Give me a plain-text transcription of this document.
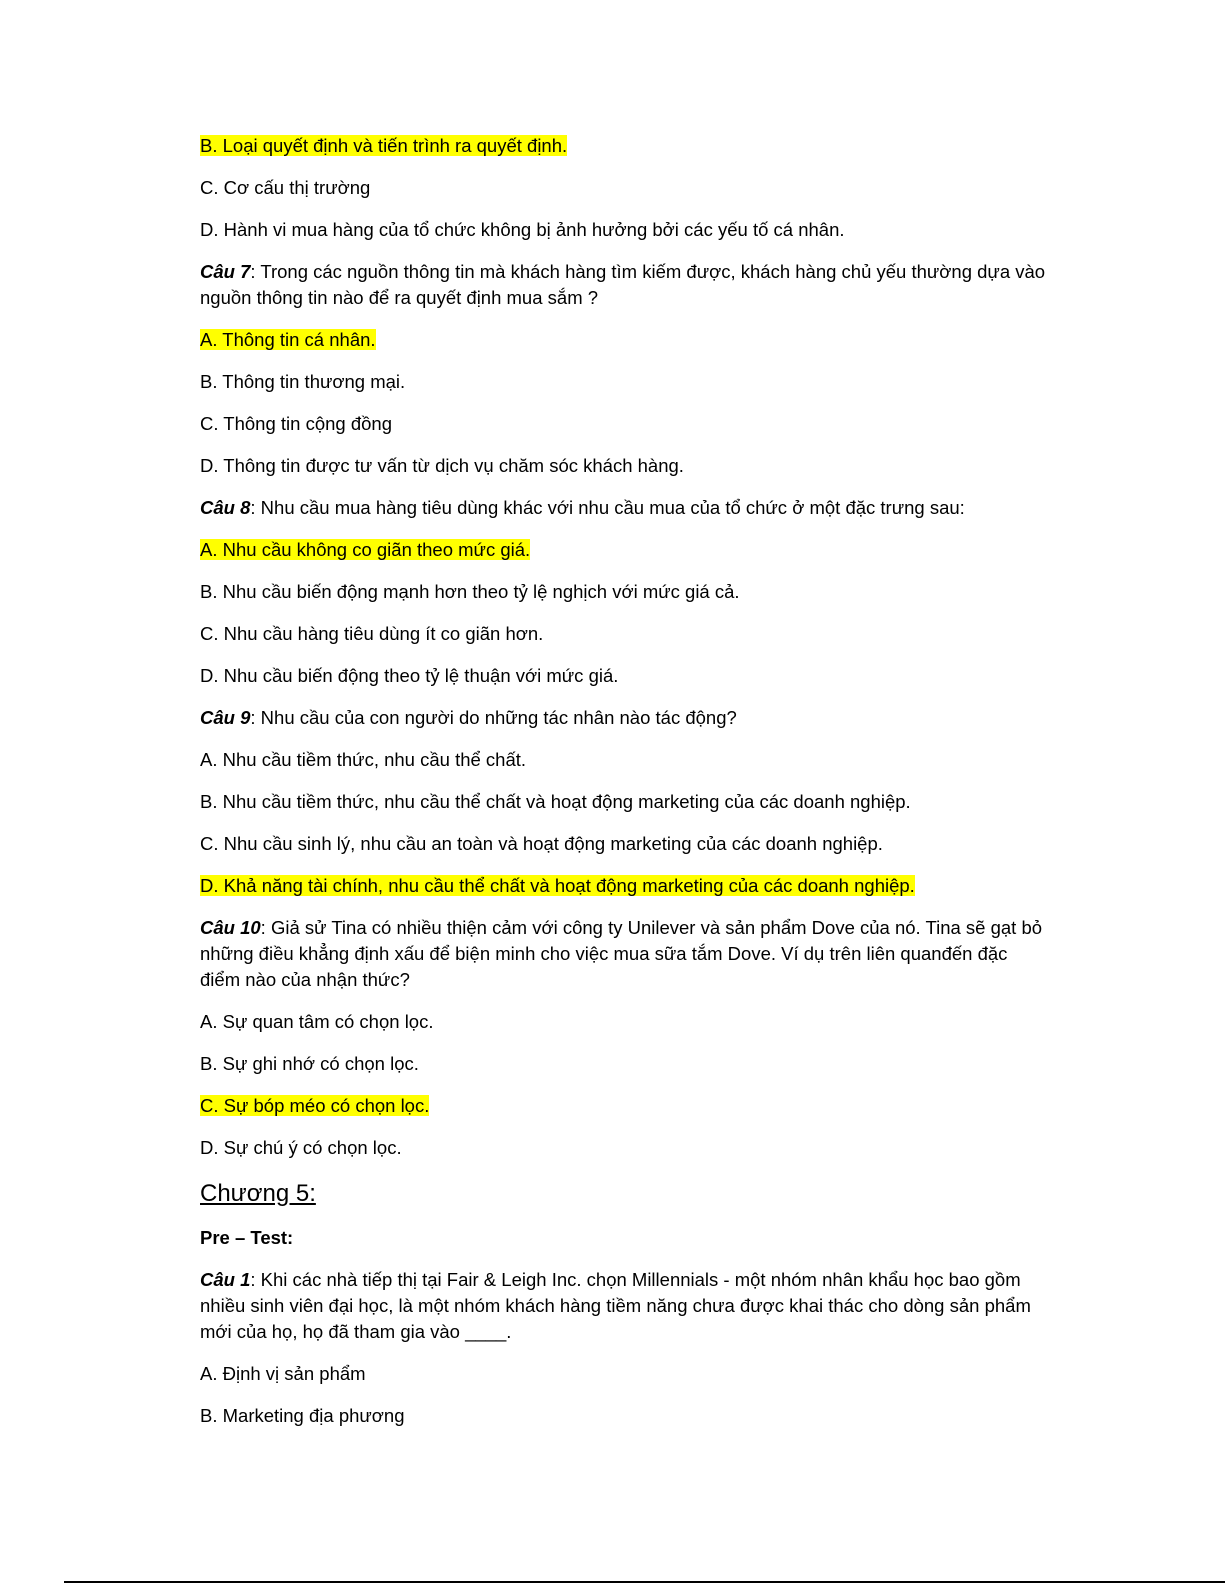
B. Loại quyết định và tiến trình ra quyết định.

C. Cơ cấu thị trường

D. Hành vi mua hàng của tổ chức không bị ảnh hưởng bởi các yếu tố cá nhân.

Câu 7: Trong các nguồn thông tin mà khách hàng tìm kiếm được, khách hàng chủ yếu thường dựa vào nguồn thông tin nào để ra quyết định mua sắm ?

A. Thông tin cá nhân.

B. Thông tin thương mại.

C. Thông tin cộng đồng

D. Thông tin được tư vấn từ dịch vụ chăm sóc khách hàng.

Câu 8: Nhu cầu mua hàng tiêu dùng khác với nhu cầu mua của tổ chức ở một đặc trưng sau:

A. Nhu cầu không co giãn theo mức giá.

B. Nhu cầu biến động mạnh hơn theo tỷ lệ nghịch với mức giá cả.

C. Nhu cầu hàng tiêu dùng ít co giãn hơn.

D. Nhu cầu biến động theo tỷ lệ thuận với mức giá.

Câu 9: Nhu cầu của con người do những tác nhân nào tác động?

A. Nhu cầu tiềm thức, nhu cầu thể chất.

B. Nhu cầu tiềm thức, nhu cầu thể chất và hoạt động marketing của các doanh nghiệp.

C. Nhu cầu sinh lý, nhu cầu an toàn và hoạt động marketing của các doanh nghiệp.

D. Khả năng tài chính, nhu cầu thể chất và hoạt động marketing của các doanh nghiệp.

Câu 10: Giả sử Tina có nhiều thiện cảm với công ty Unilever và sản phẩm Dove của nó. Tina sẽ gạt bỏ những điều khẳng định xấu để biện minh cho việc mua sữa tắm Dove. Ví dụ trên liên quanđến đặc điểm nào của nhận thức?

A. Sự quan tâm có chọn lọc.

B. Sự ghi nhớ có chọn lọc.

C. Sự bóp méo có chọn lọc.

D. Sự chú ý có chọn lọc.

Chương 5:
Pre – Test:

Câu 1: Khi các nhà tiếp thị tại Fair & Leigh Inc. chọn Millennials - một nhóm nhân khẩu học bao gồm nhiều sinh viên đại học, là một nhóm khách hàng tiềm năng chưa được khai thác cho dòng sản phẩm mới của họ, họ đã tham gia vào ____.

A. Định vị sản phẩm

B. Marketing địa phương
